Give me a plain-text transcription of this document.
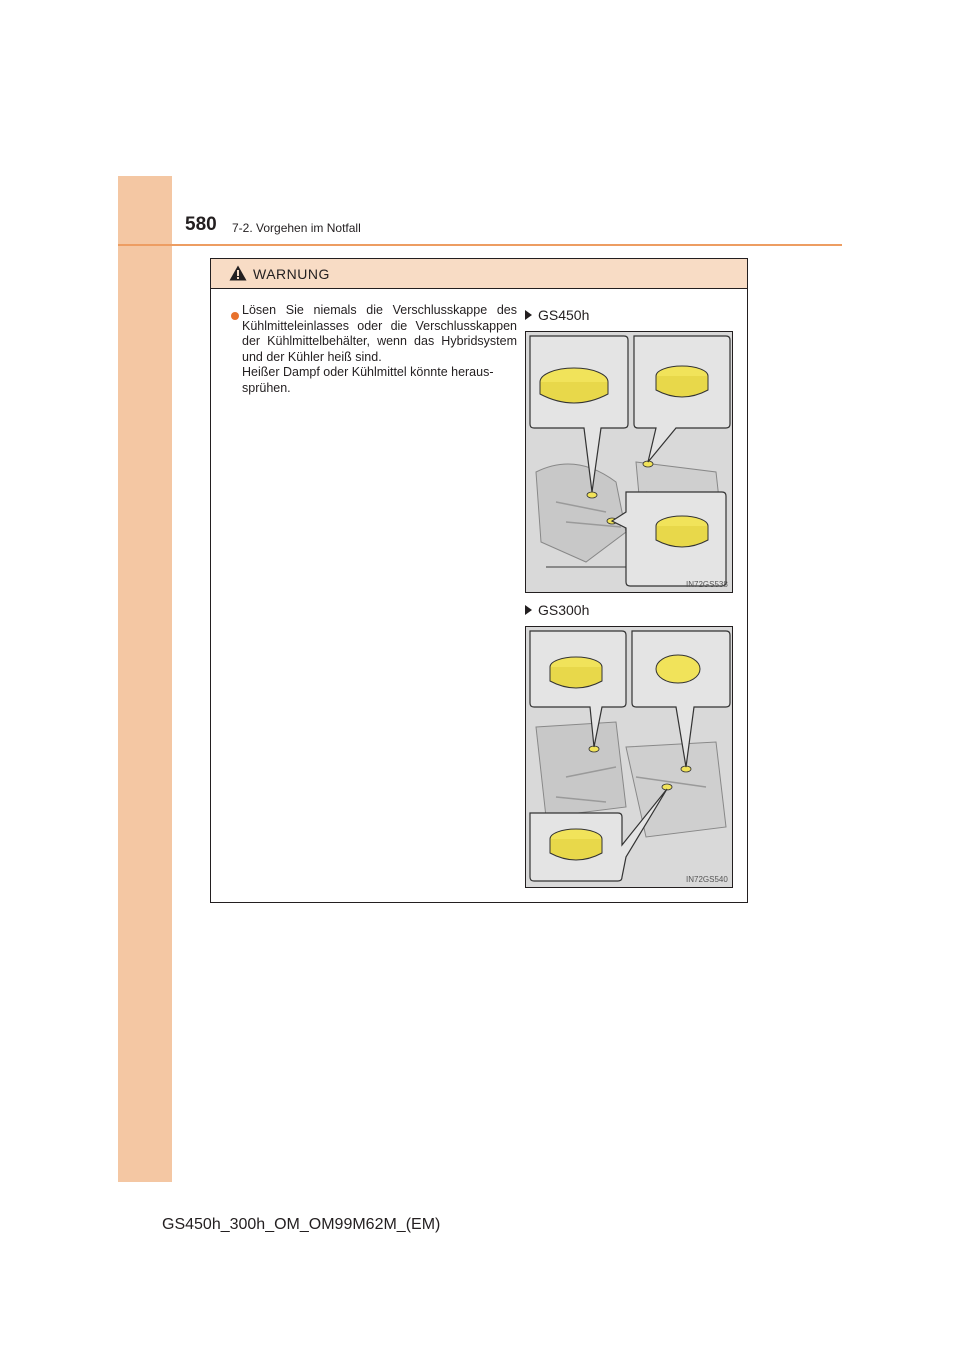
580 7-2. Vorgehen im Notfall
WARNUNG

Lösen Sie niemals die Verschlusskappe des Kühlmitteleinlasses oder die Verschlusskappen der Kühlmittelbehälter, wenn das Hybridsystem und der Kühler heiß sind.

Heißer Dampf oder Kühlmittel könnte heraus-sprühen.

GS450h
IN72GS538
GS300h
IN72GS540
GS450h_300h_OM_OM99M62M_(EM)
